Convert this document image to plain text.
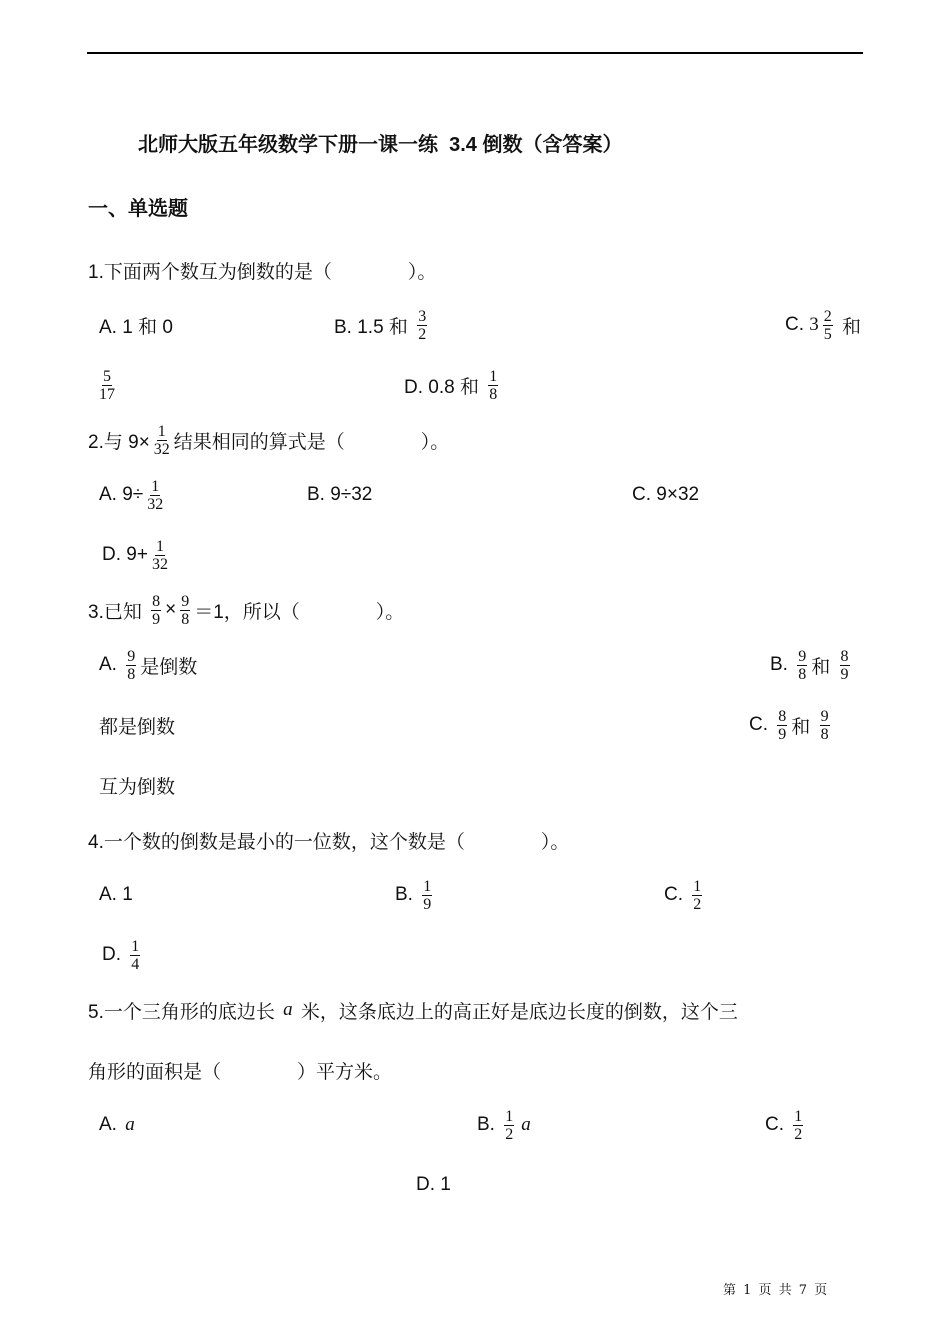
北师大版五年级数学下册一课一练  3.4 倒数（含答案）
一、单选题
1.下面两个数互为倒数的是（　　　　）。
A. 1 和 0	B. 1.5 和 $\frac{3}{2}$	C. $3 \frac{2}{5}$ 和
$\frac{5}{17}$	D. 0.8 和 $\frac{1}{8}$
2.与 $9\times \frac{1}{32}$ 结果相同的算式是（　　　　）。
A. $9\div \frac{1}{32}$	B. 9÷32	C. 9×32
D. $9+ \frac{1}{32}$
3.已知 $\frac{8}{9} \times \frac{9}{8} =1$，所以（　　　　）。
A. $\frac{9}{8}$ 是倒数	B. $\frac{9}{8}$ 和 $\frac{8}{9}$
都是倒数	C. $\frac{8}{9}$ 和 $\frac{9}{8}$
互为倒数
4.一个数的倒数是最小的一位数，这个数是（　　　　）。
A. 1	B. $\frac{1}{9}$	C. $\frac{1}{2}$
D. $\frac{1}{4}$
5.一个三角形的底边长 a 米，这条底边上的高正好是底边长度的倒数，这个三
角形的面积是（　　　　）平方米。
A. a	B. $\frac{1}{2}$ a	C. $\frac{1}{2}$
D. 1
第 1 页 共 7 页
